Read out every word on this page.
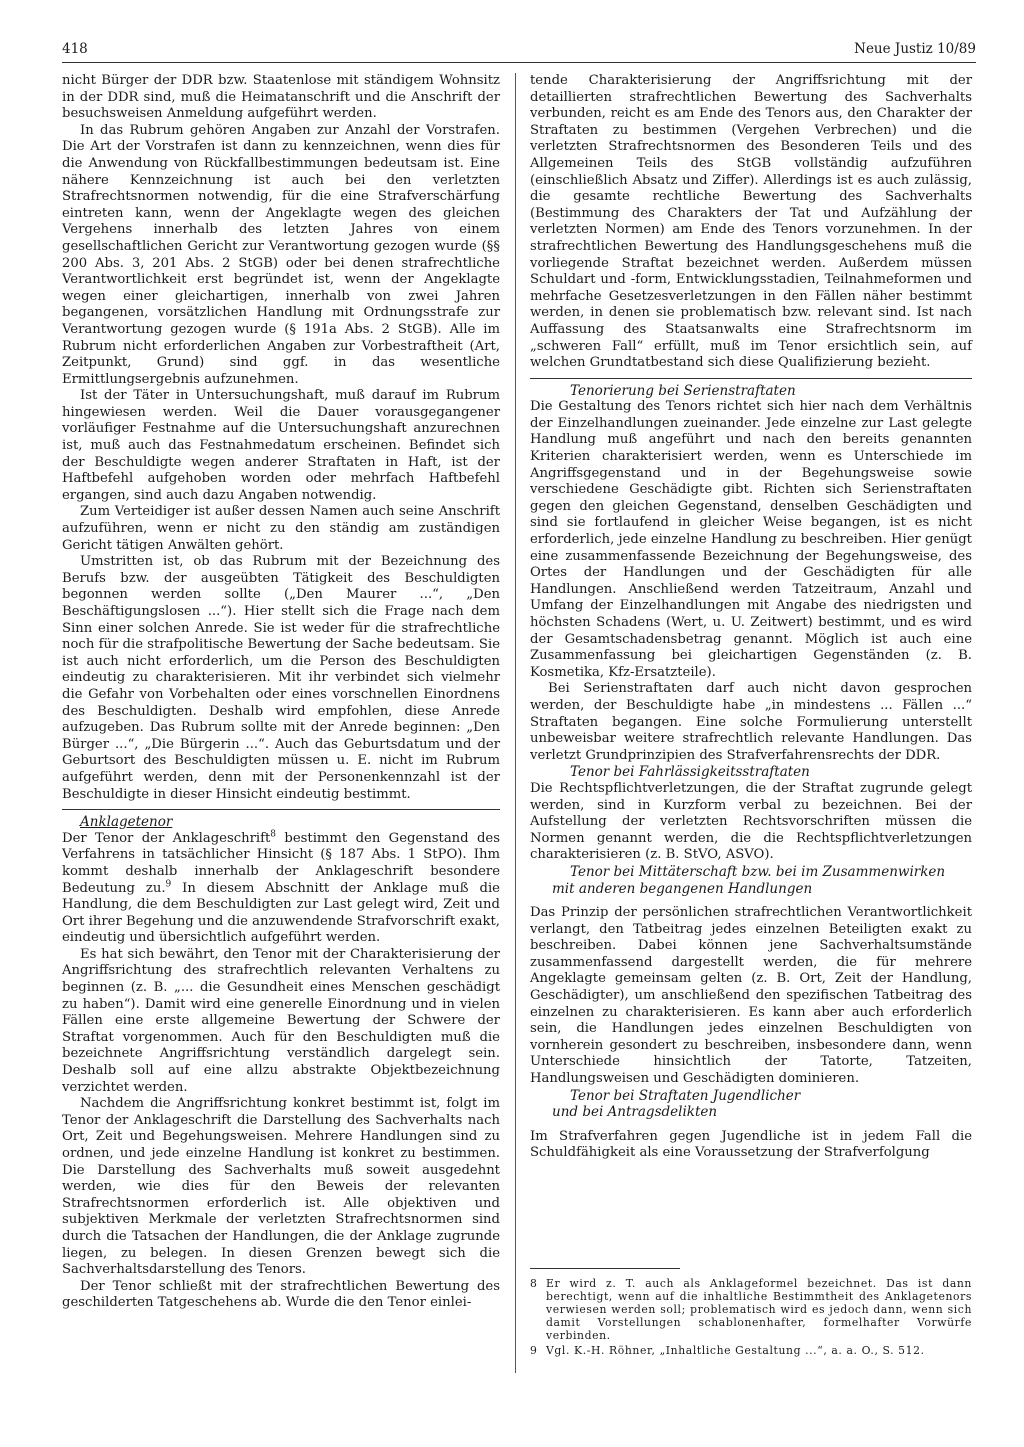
418	Neue Justiz 10/89

nicht Bürger der DDR bzw. Staatenlose mit ständigem Wohnsitz in der DDR sind, muß die Heimatanschrift und die Anschrift der besuchsweisen Anmeldung aufgeführt werden.

In das Rubrum gehören Angaben zur Anzahl der Vorstrafen. Die Art der Vorstrafen ist dann zu kennzeichnen, wenn dies für die Anwendung von Rückfallbestimmungen bedeutsam ist. Eine nähere Kennzeichnung ist auch bei den verletzten Strafrechtsnormen notwendig, für die eine Strafverschärfung eintreten kann, wenn der Angeklagte wegen des gleichen Vergehens innerhalb des letzten Jahres von einem gesellschaftlichen Gericht zur Verantwortung gezogen wurde (§§ 200 Abs. 3, 201 Abs. 2 StGB) oder bei denen strafrechtliche Verantwortlichkeit erst begründet ist, wenn der Angeklagte wegen einer gleichartigen, innerhalb von zwei Jahren begangenen, vorsätzlichen Handlung mit Ordnungsstrafe zur Verantwortung gezogen wurde (§ 191a Abs. 2 StGB). Alle im Rubrum nicht erforderlichen Angaben zur Vorbestraftheit (Art, Zeitpunkt, Grund) sind ggf. in das wesentliche Ermittlungsergebnis aufzunehmen.

Ist der Täter in Untersuchungshaft, muß darauf im Rubrum hingewiesen werden. Weil die Dauer vorausgegangener vorläufiger Festnahme auf die Untersuchungshaft anzurechnen ist, muß auch das Festnahmedatum erscheinen. Befindet sich der Beschuldigte wegen anderer Straftaten in Haft, ist der Haftbefehl aufgehoben worden oder mehrfach Haftbefehl ergangen, sind auch dazu Angaben notwendig.

Zum Verteidiger ist außer dessen Namen auch seine Anschrift aufzuführen, wenn er nicht zu den ständig am zuständigen Gericht tätigen Anwälten gehört.

Umstritten ist, ob das Rubrum mit der Bezeichnung des Berufs bzw. der ausgeübten Tätigkeit des Beschuldigten begonnen werden sollte („Den Maurer ...“, „Den Beschäftigungslosen ...“). Hier stellt sich die Frage nach dem Sinn einer solchen Anrede. Sie ist weder für die strafrechtliche noch für die strafpolitische Bewertung der Sache bedeutsam. Sie ist auch nicht erforderlich, um die Person des Beschuldigten eindeutig zu charakterisieren. Mit ihr verbindet sich vielmehr die Gefahr von Vorbehalten oder eines vorschnellen Einordnens des Beschuldigten. Deshalb wird empfohlen, diese Anrede aufzugeben. Das Rubrum sollte mit der Anrede beginnen: „Den Bürger ...“, „Die Bürgerin ...“. Auch das Geburtsdatum und der Geburtsort des Beschuldigten müssen u. E. nicht im Rubrum aufgeführt werden, denn mit der Personenkennzahl ist der Beschuldigte in dieser Hinsicht eindeutig bestimmt.

Anklagetenor

Der Tenor der Anklageschrift$^8$ bestimmt den Gegenstand des Verfahrens in tatsächlicher Hinsicht (§ 187 Abs. 1 StPO). Ihm kommt deshalb innerhalb der Anklageschrift besondere Bedeutung zu.$^9$ In diesem Abschnitt der Anklage muß die Handlung, die dem Beschuldigten zur Last gelegt wird, Zeit und Ort ihrer Begehung und die anzuwendende Strafvorschrift exakt, eindeutig und übersichtlich aufgeführt werden.

Es hat sich bewährt, den Tenor mit der Charakterisierung der Angriffsrichtung des strafrechtlich relevanten Verhaltens zu beginnen (z. B. „... die Gesundheit eines Menschen geschädigt zu haben“). Damit wird eine generelle Einordnung und in vielen Fällen eine erste allgemeine Bewertung der Schwere der Straftat vorgenommen. Auch für den Beschuldigten muß die bezeichnete Angriffsrichtung verständlich dargelegt sein. Deshalb soll auf eine allzu abstrakte Objektbezeichnung verzichtet werden.

Nachdem die Angriffsrichtung konkret bestimmt ist, folgt im Tenor der Anklageschrift die Darstellung des Sachverhalts nach Ort, Zeit und Begehungsweisen. Mehrere Handlungen sind zu ordnen, und jede einzelne Handlung ist konkret zu bestimmen. Die Darstellung des Sachverhalts muß soweit ausgedehnt werden, wie dies für den Beweis der relevanten Strafrechtsnormen erforderlich ist. Alle objektiven und subjektiven Merkmale der verletzten Strafrechtsnormen sind durch die Tatsachen der Handlungen, die der Anklage zugrunde liegen, zu belegen. In diesen Grenzen bewegt sich die Sachverhaltsdarstellung des Tenors.

Der Tenor schließt mit der strafrechtlichen Bewertung des geschilderten Tatgeschehens ab. Wurde die den Tenor einlei-

tende Charakterisierung der Angriffsrichtung mit der detaillierten strafrechtlichen Bewertung des Sachverhalts verbunden, reicht es am Ende des Tenors aus, den Charakter der Straftaten zu bestimmen (Vergehen Verbrechen) und die verletzten Strafrechtsnormen des Besonderen Teils und des Allgemeinen Teils des StGB vollständig aufzuführen (einschließlich Absatz und Ziffer). Allerdings ist es auch zulässig, die gesamte rechtliche Bewertung des Sachverhalts (Bestimmung des Charakters der Tat und Aufzählung der verletzten Normen) am Ende des Tenors vorzunehmen. In der strafrechtlichen Bewertung des Handlungsgeschehens muß die vorliegende Straftat bezeichnet werden. Außerdem müssen Schuldart und -form, Entwicklungsstadien, Teilnahmeformen und mehrfache Gesetzesverletzungen in den Fällen näher bestimmt werden, in denen sie problematisch bzw. relevant sind. Ist nach Auffassung des Staatsanwalts eine Strafrechtsnorm im „schweren Fall“ erfüllt, muß im Tenor ersichtlich sein, auf welchen Grundtatbestand sich diese Qualifizierung bezieht.

Tenorierung bei Serienstraftaten

Die Gestaltung des Tenors richtet sich hier nach dem Verhältnis der Einzelhandlungen zueinander. Jede einzelne zur Last gelegte Handlung muß angeführt und nach den bereits genannten Kriterien charakterisiert werden, wenn es Unterschiede im Angriffsgegenstand und in der Begehungsweise sowie verschiedene Geschädigte gibt. Richten sich Serienstraftaten gegen den gleichen Gegenstand, denselben Geschädigten und sind sie fortlaufend in gleicher Weise begangen, ist es nicht erforderlich, jede einzelne Handlung zu beschreiben. Hier genügt eine zusammenfassende Bezeichnung der Begehungsweise, des Ortes der Handlungen und der Geschädigten für alle Handlungen. Anschließend werden Tatzeitraum, Anzahl und Umfang der Einzelhandlungen mit Angabe des niedrigsten und höchsten Schadens (Wert, u. U. Zeitwert) bestimmt, und es wird der Gesamtschadensbetrag genannt. Möglich ist auch eine Zusammenfassung bei gleichartigen Gegenständen (z. B. Kosmetika, Kfz-Ersatzteile).

Bei Serienstraftaten darf auch nicht davon gesprochen werden, der Beschuldigte habe „in mindestens ... Fällen ...“ Straftaten begangen. Eine solche Formulierung unterstellt unbeweisbar weitere strafrechtlich relevante Handlungen. Das verletzt Grundprinzipien des Strafverfahrensrechts der DDR.

Tenor bei Fahrlässigkeitsstraftaten

Die Rechtspflichtverletzungen, die der Straftat zugrunde gelegt werden, sind in Kurzform verbal zu bezeichnen. Bei der Aufstellung der verletzten Rechtsvorschriften müssen die Normen genannt werden, die die Rechtspflichtverletzungen charakterisieren (z. B. StVO, ASVO).

Tenor bei Mittäterschaft bzw. bei im Zusammenwirken
mit anderen begangenen Handlungen

Das Prinzip der persönlichen strafrechtlichen Verantwortlichkeit verlangt, den Tatbeitrag jedes einzelnen Beteiligten exakt zu beschreiben. Dabei können jene Sachverhaltsumstände zusammenfassend dargestellt werden, die für mehrere Angeklagte gemeinsam gelten (z. B. Ort, Zeit der Handlung, Geschädigter), um anschließend den spezifischen Tatbeitrag des einzelnen zu charakterisieren. Es kann aber auch erforderlich sein, die Handlungen jedes einzelnen Beschuldigten von vornherein gesondert zu beschreiben, insbesondere dann, wenn Unterschiede hinsichtlich der Tatorte, Tatzeiten, Handlungsweisen und Geschädigten dominieren.

Tenor bei Straftaten Jugendlicher
und bei Antragsdelikten

Im Strafverfahren gegen Jugendliche ist in jedem Fall die Schuldfähigkeit als eine Voraussetzung der Strafverfolgung

8 Er wird z. T. auch als Anklageformel bezeichnet. Das ist dann berechtigt, wenn auf die inhaltliche Bestimmtheit des Anklagetenors verwiesen werden soll; problematisch wird es jedoch dann, wenn sich damit Vorstellungen schablonenhafter, formelhafter Vorwürfe verbinden.
9 Vgl. K.-H. Röhner, „Inhaltliche Gestaltung ...“, a. a. O., S. 512.
